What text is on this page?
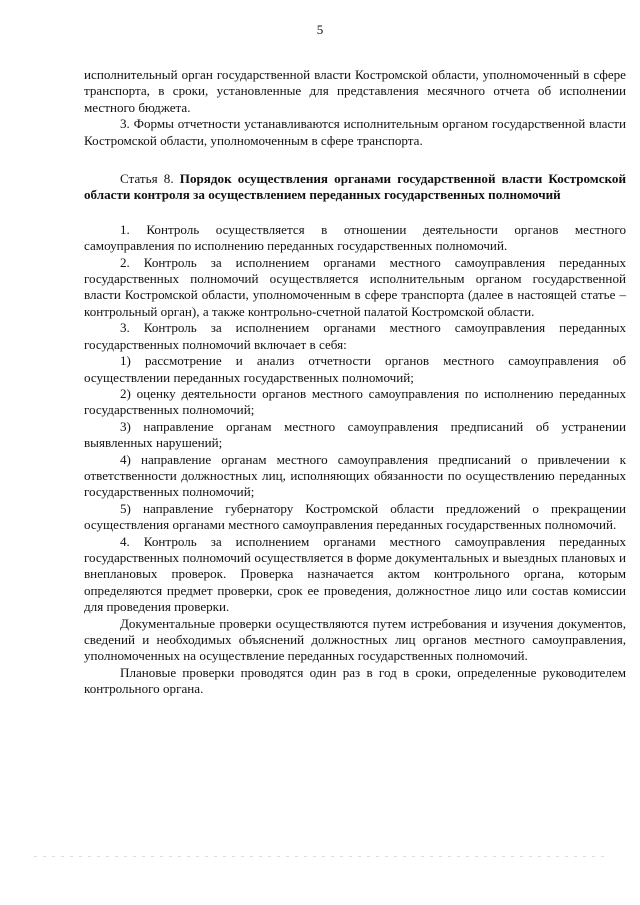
5

исполнительный орган государственной власти Костромской области, уполномоченный в сфере транспорта, в сроки, установленные для представления месячного отчета об исполнении местного бюджета.

3. Формы отчетности устанавливаются исполнительным органом государственной власти Костромской области, уполномоченным в сфере транспорта.

Статья 8. Порядок осуществления органами государственной власти Костромской области контроля за осуществлением переданных государственных полномочий

1. Контроль осуществляется в отношении деятельности органов местного самоуправления по исполнению переданных государственных полномочий.

2. Контроль за исполнением органами местного самоуправления переданных государственных полномочий осуществляется исполнительным органом государственной власти Костромской области, уполномоченным в сфере транспорта (далее в настоящей статье – контрольный орган), а также контрольно-счетной палатой Костромской области.

3. Контроль за исполнением органами местного самоуправления переданных государственных полномочий включает в себя:

1) рассмотрение и анализ отчетности органов местного самоуправления об осуществлении переданных государственных полномочий;

2) оценку деятельности органов местного самоуправления по исполнению переданных государственных полномочий;

3) направление органам местного самоуправления предписаний об устранении выявленных нарушений;

4) направление органам местного самоуправления предписаний о привлечении к ответственности должностных лиц, исполняющих обязанности по осуществлению переданных государственных полномочий;

5) направление губернатору Костромской области предложений о прекращении осуществления органами местного самоуправления переданных государственных полномочий.

4. Контроль за исполнением органами местного самоуправления переданных государственных полномочий осуществляется в форме документальных и выездных плановых и внеплановых проверок. Проверка назначается актом контрольного органа, которым определяются предмет проверки, срок ее проведения, должностное лицо или состав комиссии для проведения проверки.

Документальные проверки осуществляются путем истребования и изучения документов, сведений и необходимых объяснений должностных лиц органов местного самоуправления, уполномоченных на осуществление переданных государственных полномочий.

Плановые проверки проводятся один раз в год в сроки, определенные руководителем контрольного органа.
